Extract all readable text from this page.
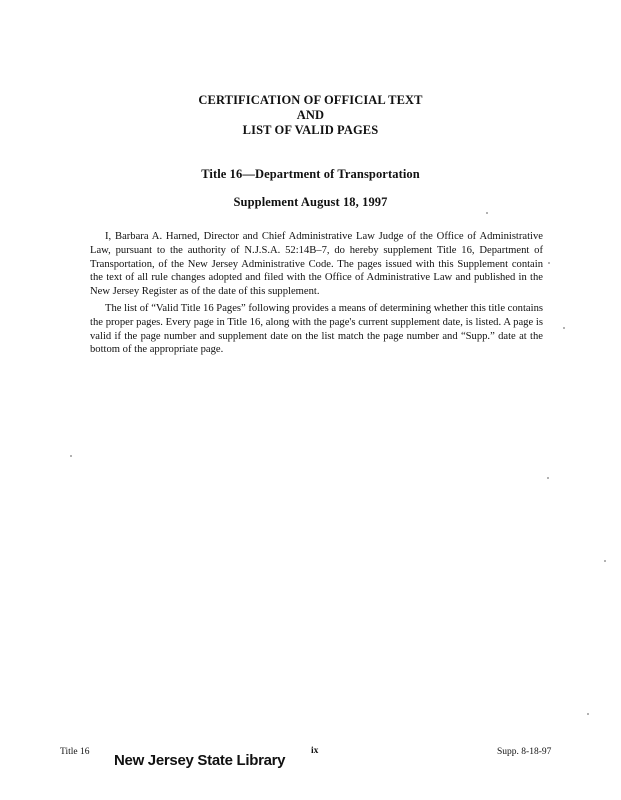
CERTIFICATION OF OFFICIAL TEXT
AND
LIST OF VALID PAGES
Title 16—Department of Transportation
Supplement August 18, 1997
I, Barbara A. Harned, Director and Chief Administrative Law Judge of the Office of Administrative Law, pursuant to the authority of N.J.S.A. 52:14B–7, do hereby supplement Title 16, Department of Transportation, of the New Jersey Administrative Code. The pages issued with this Supplement contain the text of all rule changes adopted and filed with the Office of Administrative Law and published in the New Jersey Register as of the date of this supplement.
The list of “Valid Title 16 Pages” following provides a means of determining whether this title contains the proper pages. Every page in Title 16, along with the page's current supplement date, is listed. A page is valid if the page number and supplement date on the list match the page number and “Supp.” date at the bottom of the appropriate page.
Title 16 New Jersey State Library
ix	Supp. 8-18-97
